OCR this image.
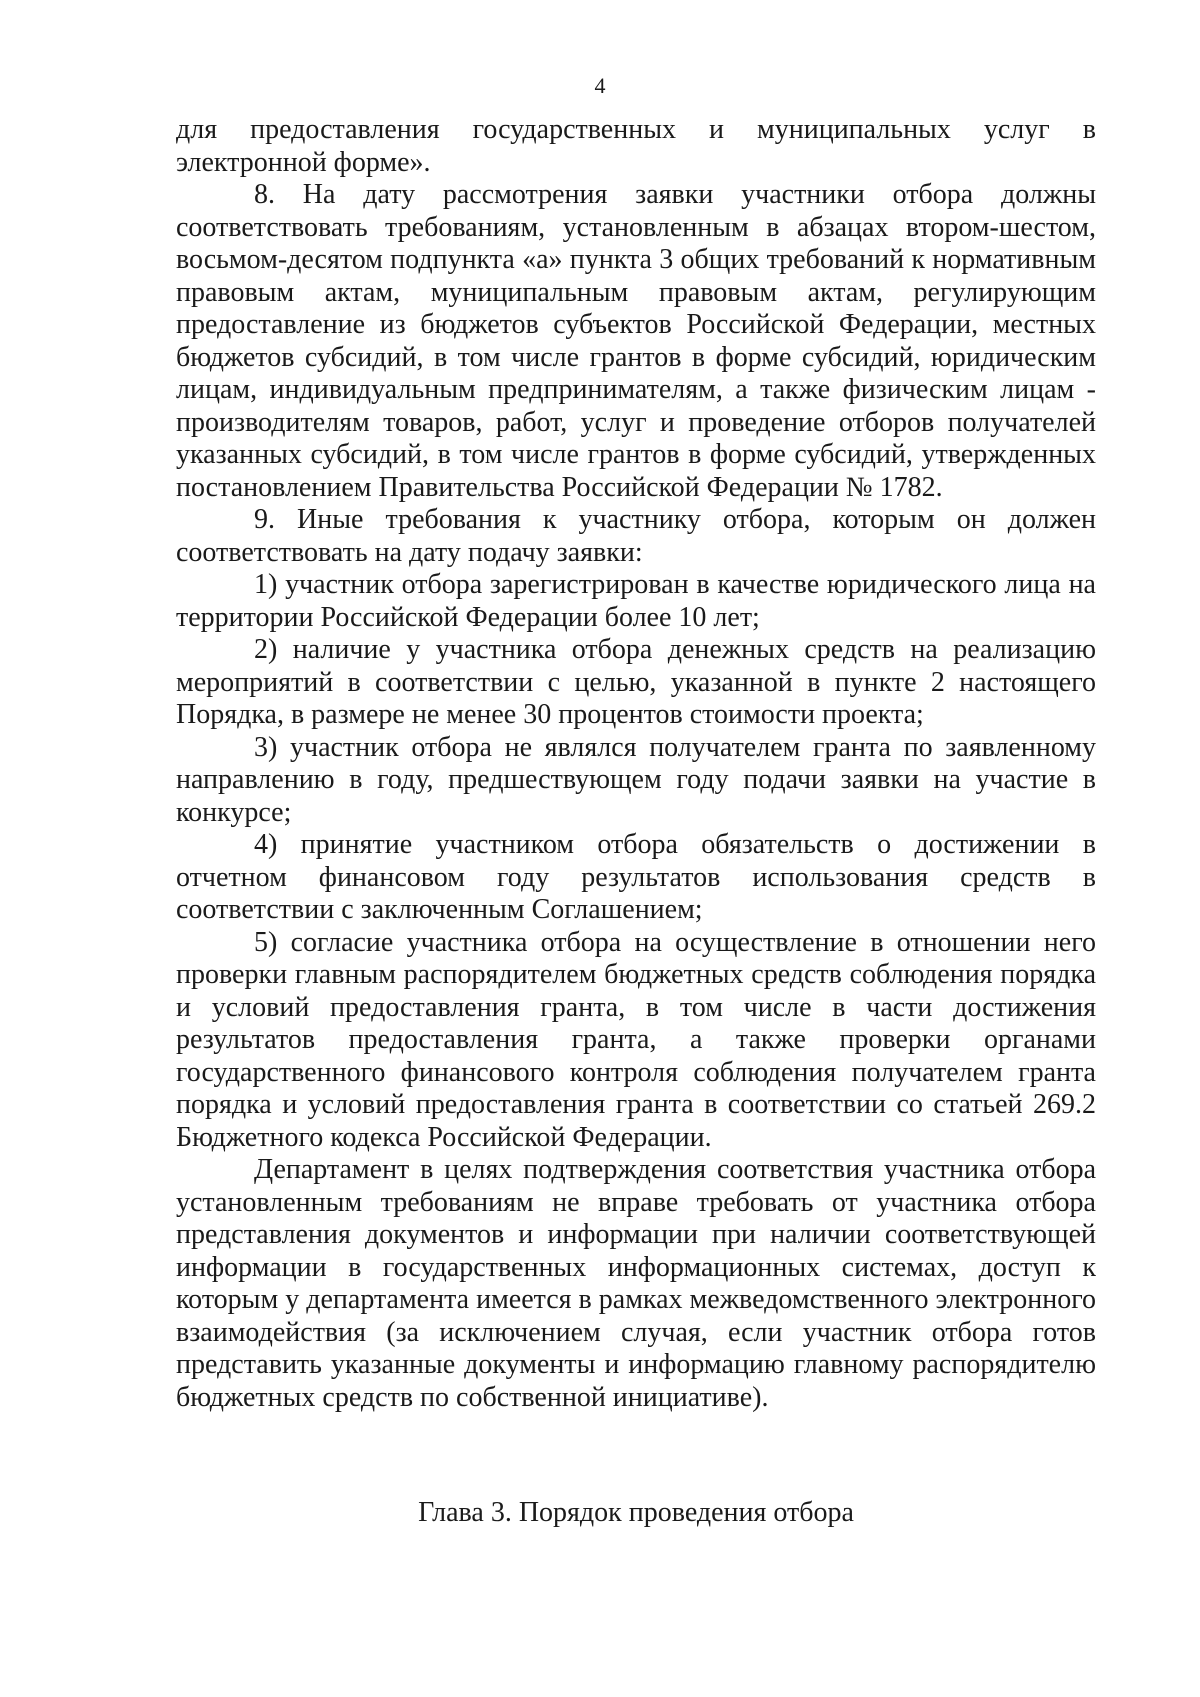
4

для предоставления государственных и муниципальных услуг в электронной форме».

8. На дату рассмотрения заявки участники отбора должны соответствовать требованиям, установленным в абзацах втором-шестом, восьмом-десятом подпункта «а» пункта 3 общих требований к нормативным правовым актам, муниципальным правовым актам, регулирующим предоставление из бюджетов субъектов Российской Федерации, местных бюджетов субсидий, в том числе грантов в форме субсидий, юридическим лицам, индивидуальным предпринимателям, а также физическим лицам - производителям товаров, работ, услуг и проведение отборов получателей указанных субсидий, в том числе грантов в форме субсидий, утвержденных постановлением Правительства Российской Федерации № 1782.

9. Иные требования к участнику отбора, которым он должен соответствовать на дату подачу заявки:

1) участник отбора зарегистрирован в качестве юридического лица на территории Российской Федерации более 10 лет;

2) наличие у участника отбора денежных средств на реализацию мероприятий в соответствии с целью, указанной в пункте 2 настоящего Порядка, в размере не менее 30 процентов стоимости проекта;

3) участник отбора не являлся получателем гранта по заявленному направлению в году, предшествующем году подачи заявки на участие в конкурсе;

4) принятие участником отбора обязательств о достижении в отчетном финансовом году результатов использования средств в соответствии с заключенным Соглашением;

5) согласие участника отбора на осуществление в отношении него проверки главным распорядителем бюджетных средств соблюдения порядка и условий предоставления гранта, в том числе в части достижения результатов предоставления гранта, а также проверки органами государственного финансового контроля соблюдения получателем гранта порядка и условий предоставления гранта в соответствии со статьей 269.2 Бюджетного кодекса Российской Федерации.

Департамент в целях подтверждения соответствия участника отбора установленным требованиям не вправе требовать от участника отбора представления документов и информации при наличии соответствующей информации в государственных информационных системах, доступ к которым у департамента имеется в рамках межведомственного электронного взаимодействия (за исключением случая, если участник отбора готов представить указанные документы и информацию главному распорядителю бюджетных средств по собственной инициативе).

Глава 3. Порядок проведения отбора
